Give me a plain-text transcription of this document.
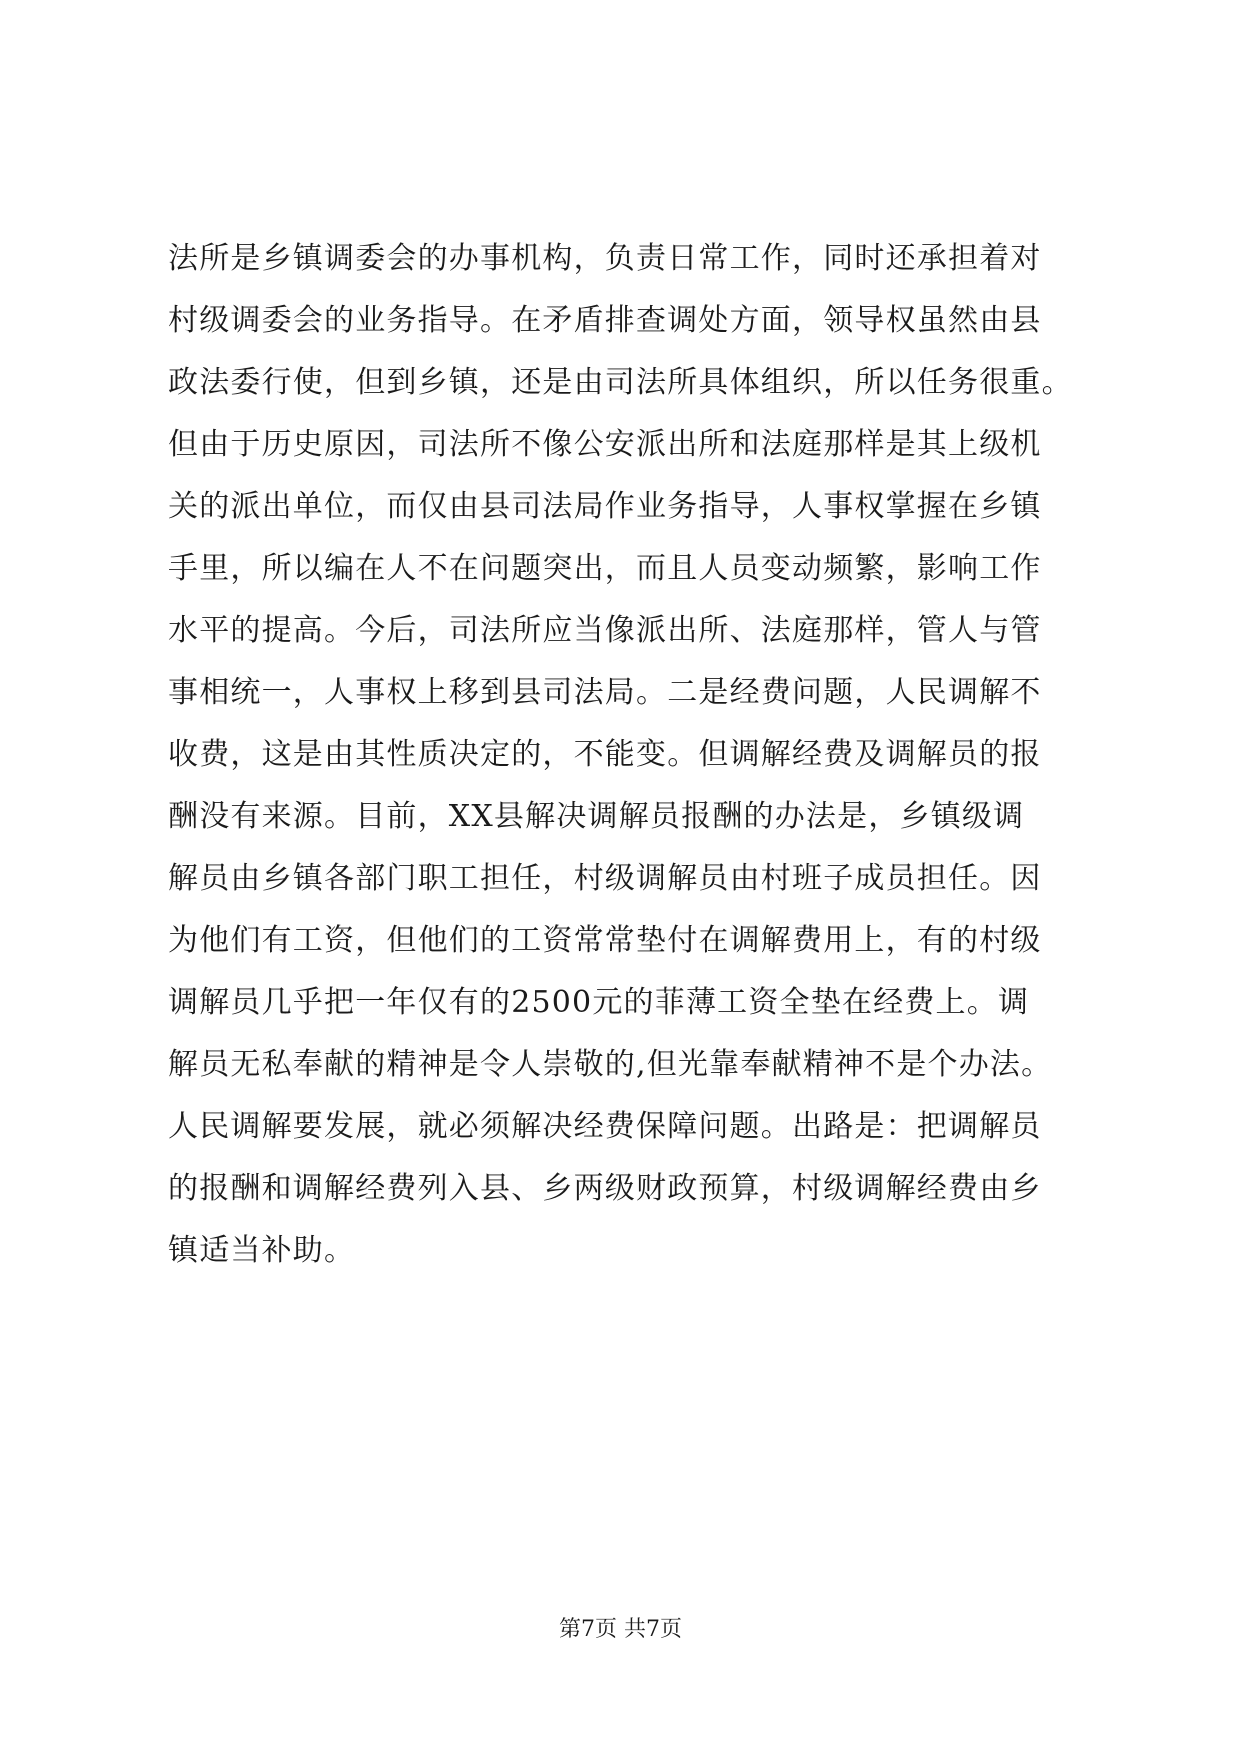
法所是乡镇调委会的办事机构，负责日常工作，同时还承担着对
村级调委会的业务指导。在矛盾排查调处方面，领导权虽然由县
政法委行使，但到乡镇，还是由司法所具体组织，所以任务很重。
但由于历史原因，司法所不像公安派出所和法庭那样是其上级机
关的派出单位，而仅由县司法局作业务指导，人事权掌握在乡镇
手里，所以编在人不在问题突出，而且人员变动频繁，影响工作
水平的提高。今后，司法所应当像派出所、法庭那样，管人与管
事相统一，人事权上移到县司法局。二是经费问题，人民调解不
收费，这是由其性质决定的，不能变。但调解经费及调解员的报
酬没有来源。目前，XX县解决调解员报酬的办法是，乡镇级调
解员由乡镇各部门职工担任，村级调解员由村班子成员担任。因
为他们有工资，但他们的工资常常垫付在调解费用上，有的村级
调解员几乎把一年仅有的2500元的菲薄工资全垫在经费上。调
解员无私奉献的精神是令人崇敬的,但光靠奉献精神不是个办法。
人民调解要发展，就必须解决经费保障问题。出路是：把调解员
的报酬和调解经费列入县、乡两级财政预算，村级调解经费由乡
镇适当补助。
第7页 共7页
